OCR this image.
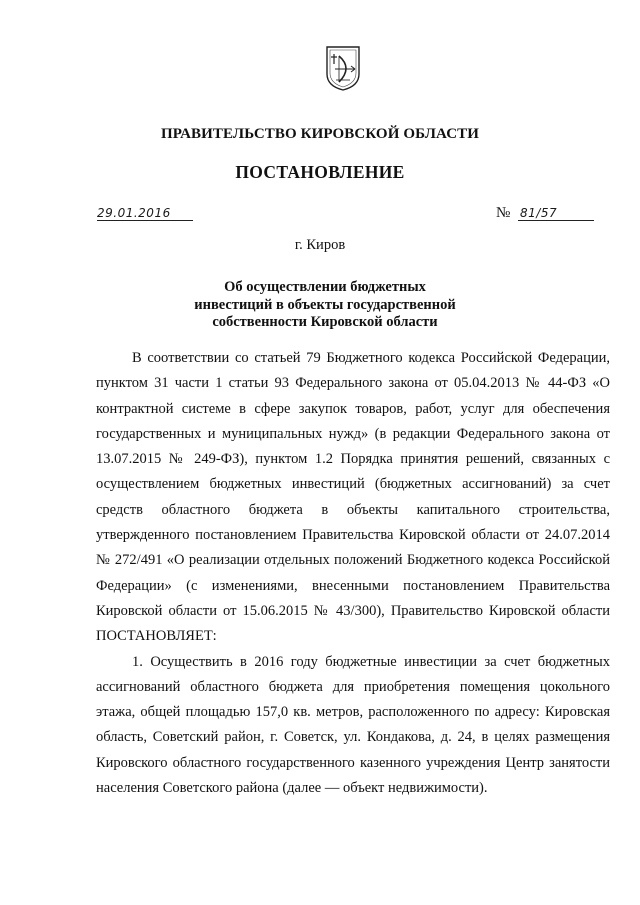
ПРАВИТЕЛЬСТВО КИРОВСКОЙ ОБЛАСТИ
ПОСТАНОВЛЕНИЕ
29.01.2016	№ 81/57
г. Киров
Об осуществлении бюджетных
инвестиций в объекты государственной
собственности Кировской области

В соответствии со статьей 79 Бюджетного кодекса Российской Федерации, пунктом 31 части 1 статьи 93 Федерального закона от 05.04.2013 № 44-ФЗ «О контрактной системе в сфере закупок товаров, работ, услуг для обеспечения государственных и муниципальных нужд» (в редакции Федерального закона от 13.07.2015 № 249-ФЗ), пунктом 1.2 Порядка принятия решений, связанных с осуществлением бюджетных инвестиций (бюджетных ассигнований) за счет средств областного бюджета в объекты капитального строительства, утвержденного постановлением Правительства Кировской области от 24.07.2014 № 272/491 «О реализации отдельных положений Бюджетного кодекса Российской Федерации» (с изменениями, внесенными постановлением Правительства Кировской области от 15.06.2015 № 43/300), Правительство Кировской области ПОСТАНОВЛЯЕТ:

1. Осуществить в 2016 году бюджетные инвестиции за счет бюджетных ассигнований областного бюджета для приобретения помещения цокольного этажа, общей площадью 157,0 кв. метров, расположенного по адресу: Кировская область, Советский район, г. Советск, ул. Кондакова, д. 24, в целях размещения Кировского областного государственного казенного учреждения Центр занятости населения Советского района (далее — объект недвижимости).
